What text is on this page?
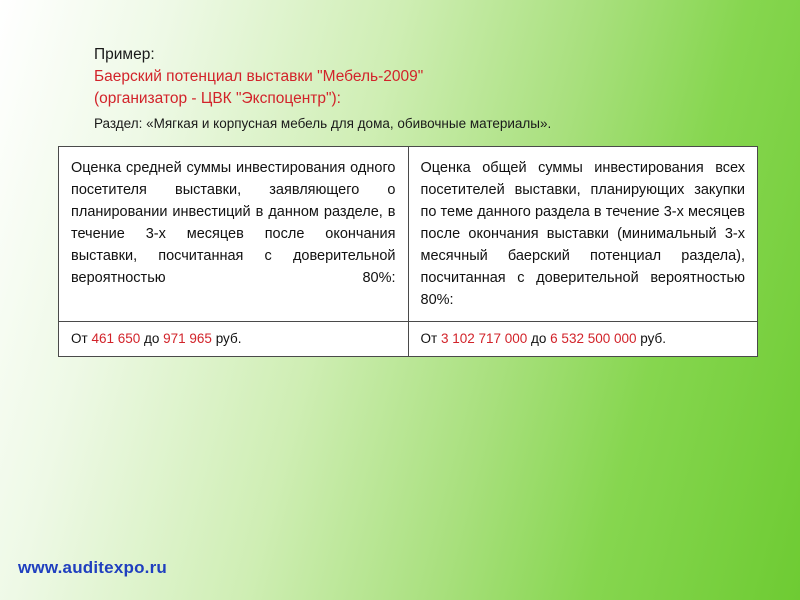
Пример:
Баерский потенциал выставки "Мебель-2009"
(организатор - ЦВК "Экспоцентр"):
Раздел: «Мягкая и корпусная мебель для дома, обивочные материалы».
Оценка средней суммы инвестирования одного посетителя выставки, заявляющего о планировании инвестиций в данном разделе, в течение 3-х месяцев после окончания выставки, посчитанная с доверительной вероятностью 80%:	Оценка общей суммы инвестирования всех посетителей выставки, планирующих закупки по теме данного раздела в течение 3-х месяцев после окончания выставки (минимальный 3-х месячный баерский потенциал раздела), посчитанная с доверительной вероятностью 80%:
От 461 650 до 971 965 руб.	От 3 102 717 000 до 6 532 500 000 руб.
www.auditexpo.ru
